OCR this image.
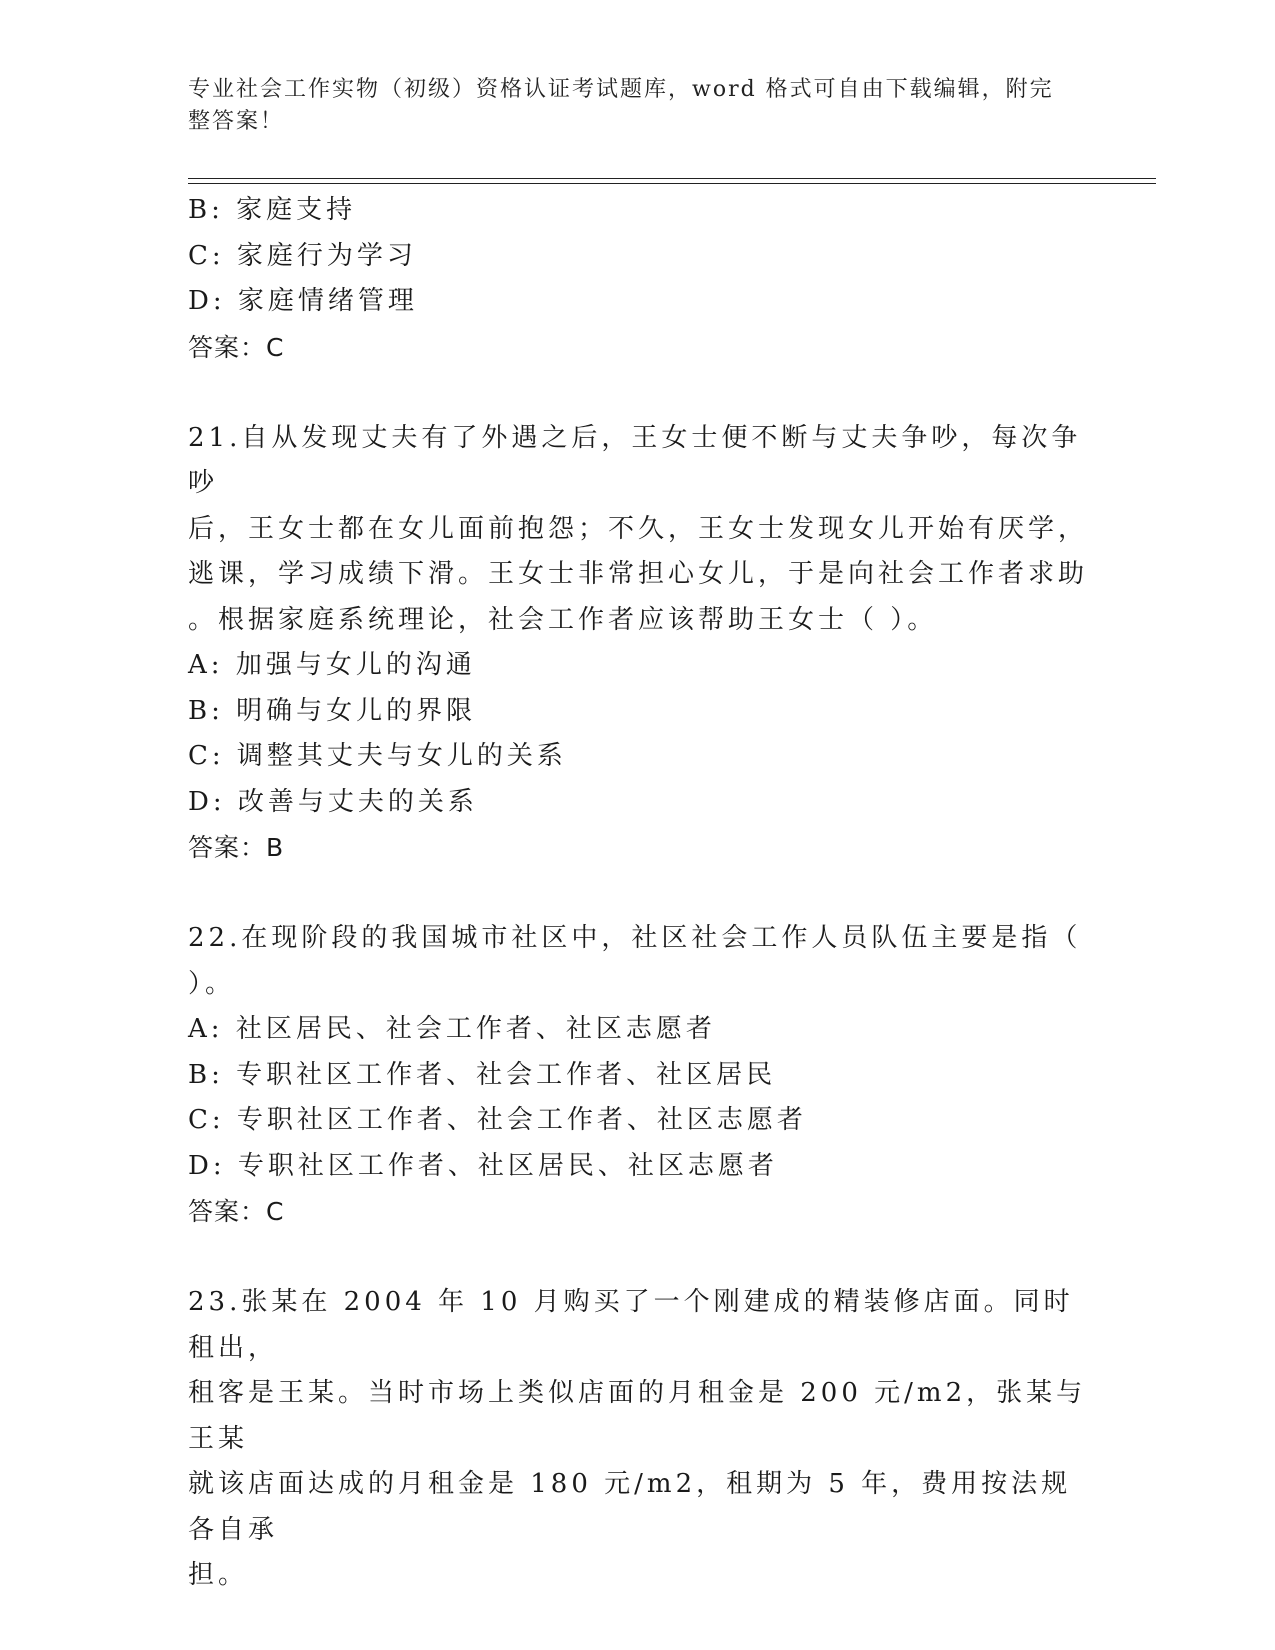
专业社会工作实物（初级）资格认证考试题库，word 格式可自由下载编辑，附完整答案！
B: 家庭支持
C: 家庭行为学习
D: 家庭情绪管理
答案：C
21.自从发现丈夫有了外遇之后，王女士便不断与丈夫争吵，每次争吵
后，王女士都在女儿面前抱怨；不久，王女士发现女儿开始有厌学，
逃课，学习成绩下滑。王女士非常担心女儿，于是向社会工作者求助
。根据家庭系统理论，社会工作者应该帮助王女士（ ）。
A: 加强与女儿的沟通
B: 明确与女儿的界限
C: 调整其丈夫与女儿的关系
D: 改善与丈夫的关系
答案：B
22.在现阶段的我国城市社区中，社区社会工作人员队伍主要是指（
）。
A: 社区居民、社会工作者、社区志愿者
B: 专职社区工作者、社会工作者、社区居民
C: 专职社区工作者、社会工作者、社区志愿者
D: 专职社区工作者、社区居民、社区志愿者
答案：C
23.张某在 2004 年 10 月购买了一个刚建成的精装修店面。同时租出，
租客是王某。当时市场上类似店面的月租金是 200 元/m2，张某与王某
就该店面达成的月租金是 180 元/m2，租期为 5 年，费用按法规各自承
担。
